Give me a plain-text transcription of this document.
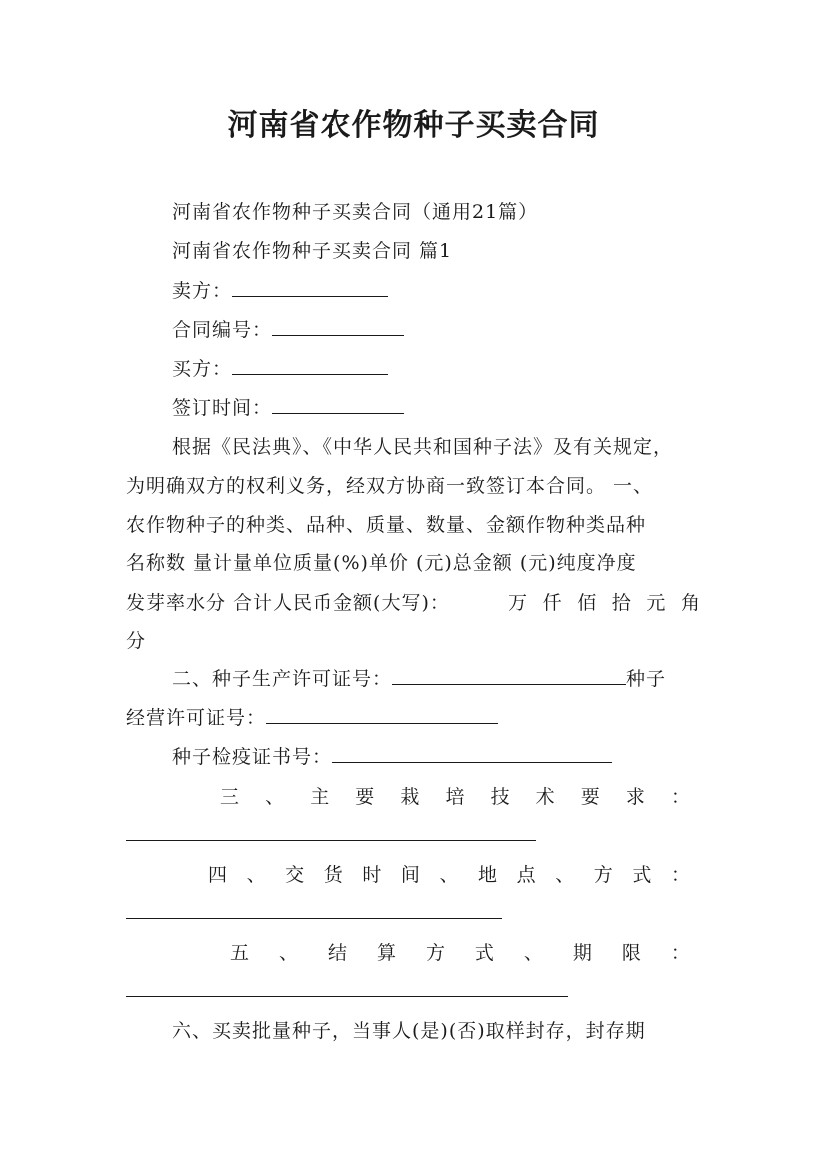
河南省农作物种子买卖合同
河南省农作物种子买卖合同（通用21篇）
河南省农作物种子买卖合同 篇1
卖方：
合同编号：
买方：
签订时间：
根据《民法典》、《中华人民共和国种子法》及有关规定，
为明确双方的权利义务，经双方协商一致签订本合同。 一、
农作物种子的种类、品种、质量、数量、金额作物种类品种
名称数 量计量单位质量(%)单价 (元)总金额 (元)纯度净度
发芽率水分 合计人民币金额(大写)：	万 仟 佰 拾 元 角
分
二、种子生产许可证号：	种子
经营许可证号：
种子检疫证书号：
三 、 主 要 栽 培 技 术 要 求 ：
四 、 交 货 时 间 、 地 点 、 方 式 ：
五 、 结 算 方 式 、 期 限 ：
六、买卖批量种子，当事人(是)(否)取样封存，封存期
